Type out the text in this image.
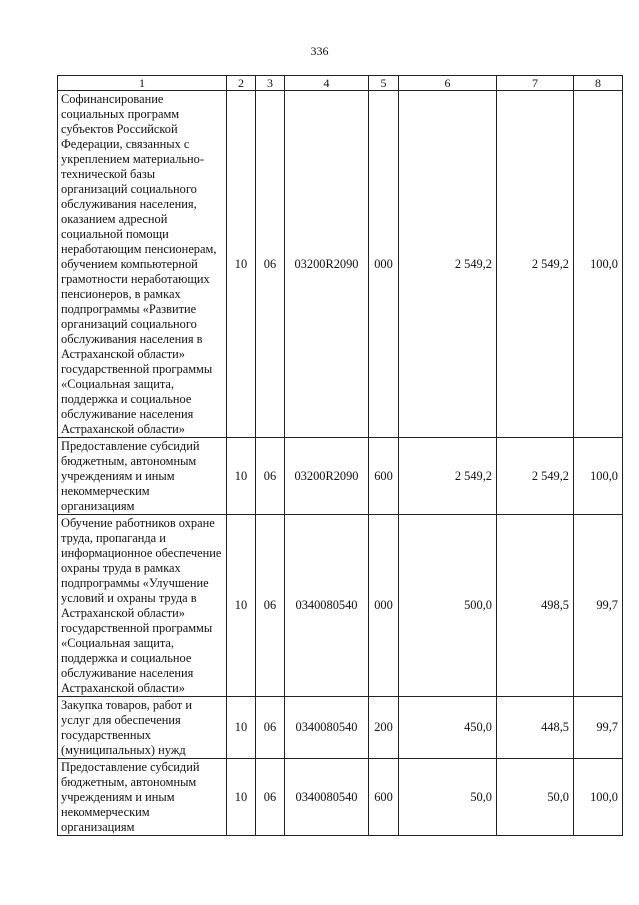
336
1	2	3	4	5	6	7	8
Софинансирование социальных программ субъектов Российской Федерации, связанных с укреплением материально-технической базы организаций социального обслуживания населения, оказанием адресной социальной помощи неработающим пенсионерам, обучением компьютерной грамотности неработающих пенсионеров, в рамках подпрограммы «Развитие организаций социального обслуживания населения в Астраханской области» государственной программы «Социальная защита, поддержка и социальное обслуживание населения Астраханской области»	10	06	03200R2090	000	2 549,2	2 549,2	100,0
Предоставление субсидий бюджетным, автономным учреждениям и иным некоммерческим организациям	10	06	03200R2090	600	2 549,2	2 549,2	100,0
Обучение работников охране труда, пропаганда и информационное обеспечение охраны труда в рамках подпрограммы «Улучшение условий и охраны труда в Астраханской области» государственной программы «Социальная защита, поддержка и социальное обслуживание населения Астраханской области»	10	06	0340080540	000	500,0	498,5	99,7
Закупка товаров, работ и услуг для обеспечения государственных (муниципальных) нужд	10	06	0340080540	200	450,0	448,5	99,7
Предоставление субсидий бюджетным, автономным учреждениям и иным некоммерческим организациям	10	06	0340080540	600	50,0	50,0	100,0
